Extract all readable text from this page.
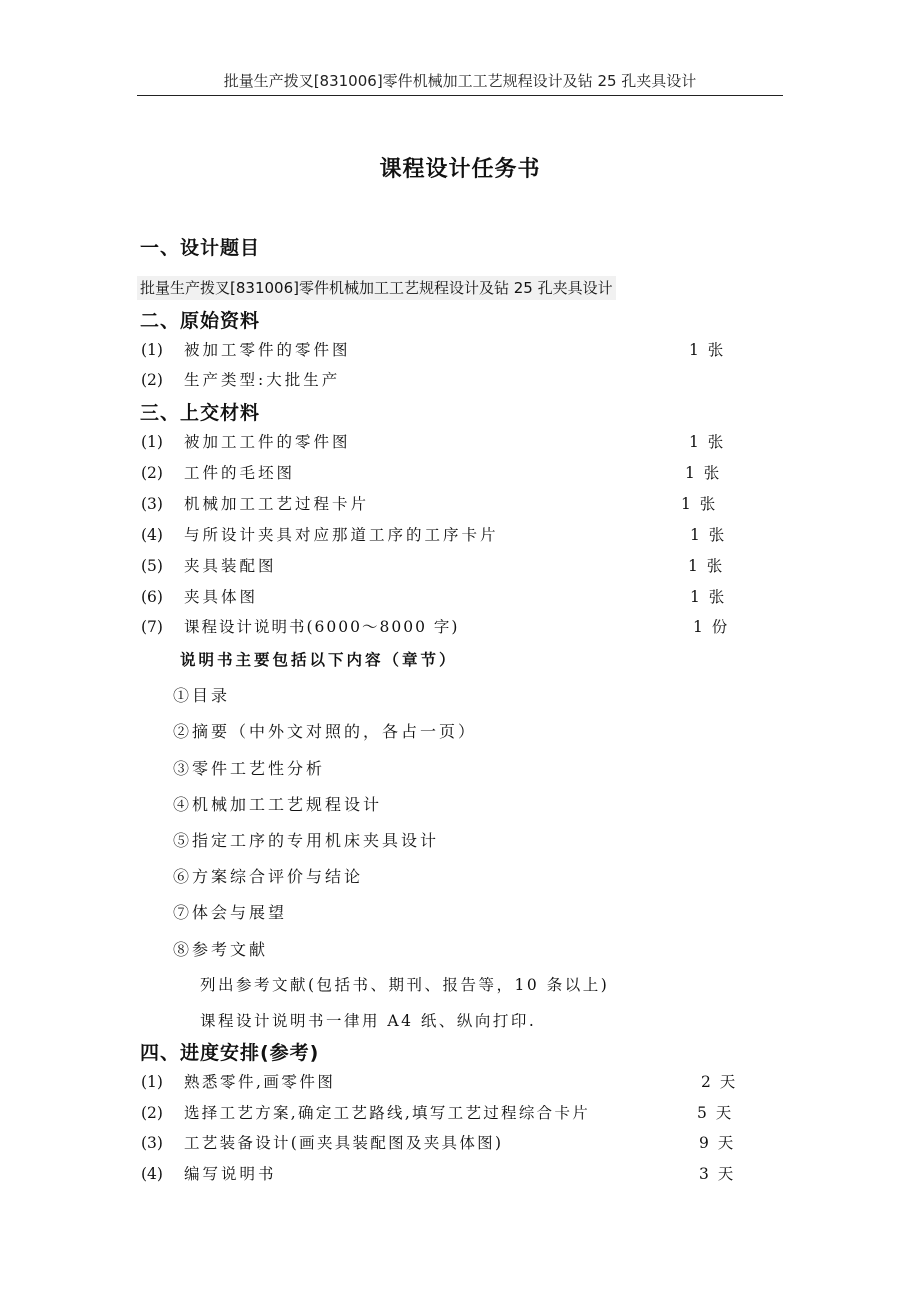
批量生产拨叉[831006]零件机械加工工艺规程设计及钻 25 孔夹具设计
课程设计任务书
一、设计题目
批量生产拨叉[831006]零件机械加工工艺规程设计及钻 25 孔夹具设计
二、原始资料
(1) 被加工零件的零件图	1 张
(2) 生产类型:大批生产
三、上交材料
(1) 被加工工件的零件图	1 张
(2) 工件的毛坯图	1 张
(3) 机械加工工艺过程卡片	1 张
(4) 与所设计夹具对应那道工序的工序卡片	1 张
(5) 夹具装配图	1 张
(6) 夹具体图	1 张
(7) 课程设计说明书(6000～8000 字)	1 份
说明书主要包括以下内容（章节）
①目录
②摘要（中外文对照的，各占一页）
③零件工艺性分析
④机械加工工艺规程设计
⑤指定工序的专用机床夹具设计
⑥方案综合评价与结论
⑦体会与展望
⑧参考文献
列出参考文献(包括书、期刊、报告等，10 条以上)
课程设计说明书一律用 A4 纸、纵向打印.
四、进度安排(参考)
(1) 熟悉零件,画零件图	2 天
(2) 选择工艺方案,确定工艺路线,填写工艺过程综合卡片	5 天
(3) 工艺装备设计(画夹具装配图及夹具体图)	9 天
(4) 编写说明书	3 天
